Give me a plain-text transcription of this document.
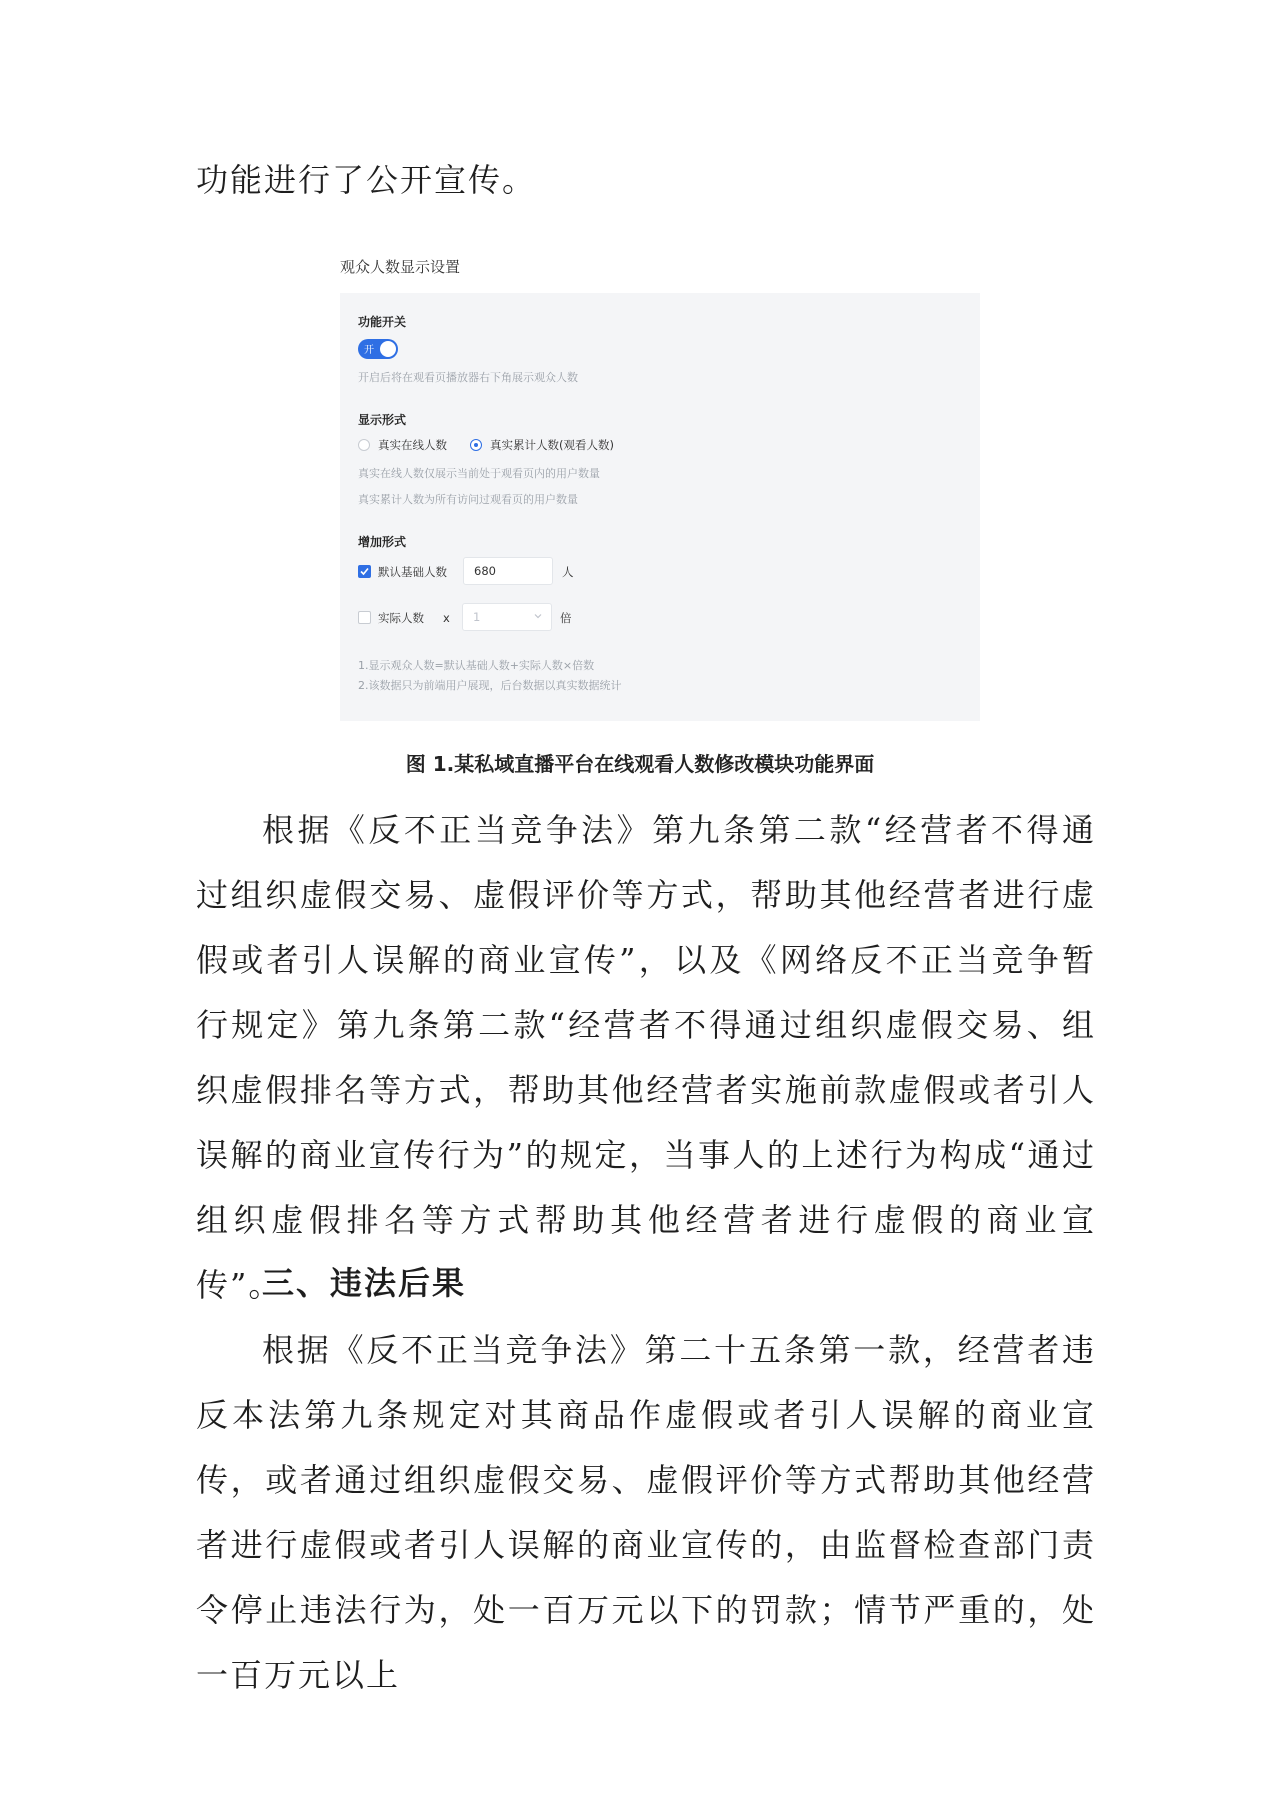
功能进行了公开宣传。

观众人数显示设置
功能开关
开
开启后将在观看页播放器右下角展示观众人数
显示形式
真实在线人数	真实累计人数(观看人数)
真实在线人数仅展示当前处于观看页内的用户数量
真实累计人数为所有访问过观看页的用户数量
增加形式
默认基础人数	680	人
实际人数 x	1	倍
1.显示观众人数=默认基础人数+实际人数×倍数
2.该数据只为前端用户展现，后台数据以真实数据统计
图 1.某私域直播平台在线观看人数修改模块功能界面

根据《反不正当竞争法》第九条第二款“经营者不得通过组织虚假交易、虚假评价等方式，帮助其他经营者进行虚假或者引人误解的商业宣传”，以及《网络反不正当竞争暂行规定》第九条第二款“经营者不得通过组织虚假交易、组织虚假排名等方式，帮助其他经营者实施前款虚假或者引人误解的商业宣传行为”的规定，当事人的上述行为构成“通过组织虚假排名等方式帮助其他经营者进行虚假的商业宣传”。

三、违法后果

根据《反不正当竞争法》第二十五条第一款，经营者违反本法第九条规定对其商品作虚假或者引人误解的商业宣传，或者通过组织虚假交易、虚假评价等方式帮助其他经营者进行虚假或者引人误解的商业宣传的，由监督检查部门责令停止违法行为，处一百万元以下的罚款；情节严重的，处一百万元以上
